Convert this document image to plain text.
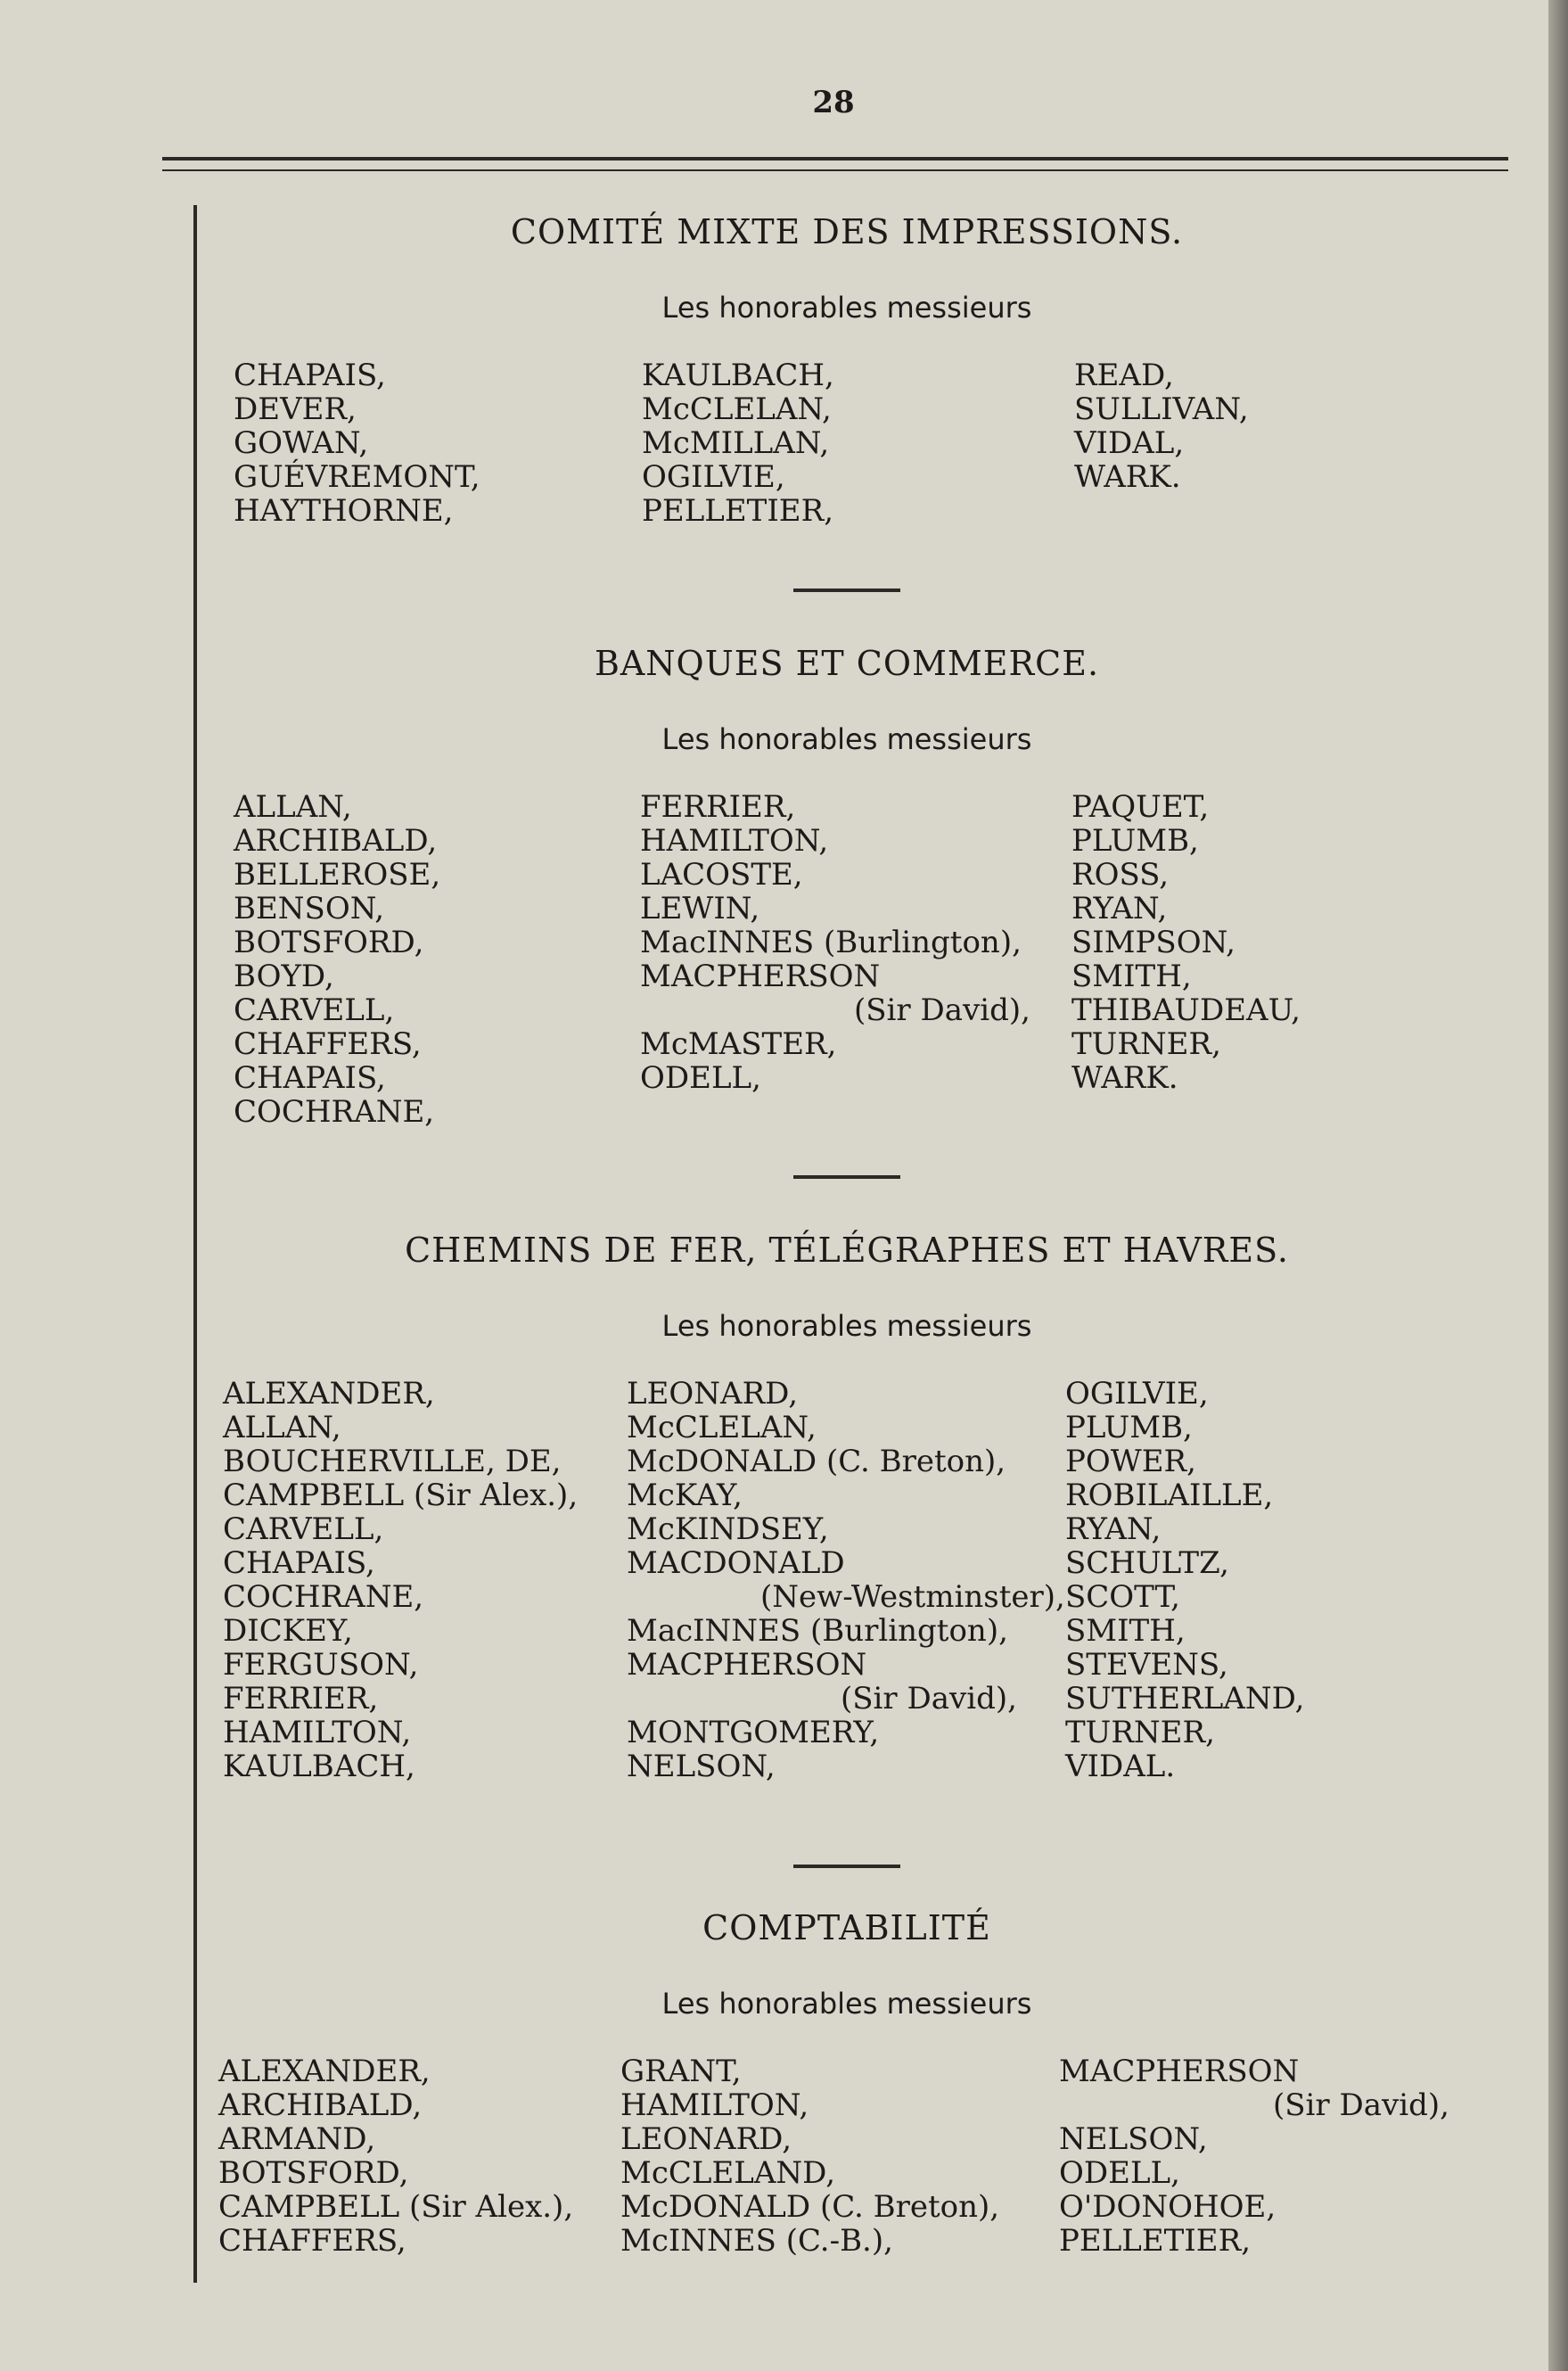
28
COMITÉ MIXTE DES IMPRESSIONS.
Les honorables messieurs
CHAPAIS,
DEVER,
GOWAN,
GUÉVREMONT,
HAYTHORNE,
KAULBACH,
McCLELAN,
McMILLAN,
OGILVIE,
PELLETIER,
READ,
SULLIVAN,
VIDAL,
WARK.
BANQUES ET COMMERCE.
Les honorables messieurs
ALLAN,
ARCHIBALD,
BELLEROSE,
BENSON,
BOTSFORD,
BOYD,
CARVELL,
CHAFFERS,
CHAPAIS,
COCHRANE,
FERRIER,
HAMILTON,
LACOSTE,
LEWIN,
MacINNES (Burlington),
MACPHERSON
(Sir David),
McMASTER,
ODELL,
PAQUET,
PLUMB,
ROSS,
RYAN,
SIMPSON,
SMITH,
THIBAUDEAU,
TURNER,
WARK.
CHEMINS DE FER, TÉLÉGRAPHES ET HAVRES.
Les honorables messieurs
ALEXANDER,
ALLAN,
BOUCHERVILLE, DE,
CAMPBELL (Sir Alex.),
CARVELL,
CHAPAIS,
COCHRANE,
DICKEY,
FERGUSON,
FERRIER,
HAMILTON,
KAULBACH,
LEONARD,
McCLELAN,
McDONALD (C. Breton),
McKAY,
McKINDSEY,
MACDONALD
(New-Westminster),
MacINNES (Burlington),
MACPHERSON
(Sir David),
MONTGOMERY,
NELSON,
OGILVIE,
PLUMB,
POWER,
ROBILAILLE,
RYAN,
SCHULTZ,
SCOTT,
SMITH,
STEVENS,
SUTHERLAND,
TURNER,
VIDAL.
COMPTABILITÉ
Les honorables messieurs
ALEXANDER,
ARCHIBALD,
ARMAND,
BOTSFORD,
CAMPBELL (Sir Alex.),
CHAFFERS,
GRANT,
HAMILTON,
LEONARD,
McCLELAND,
McDONALD (C. Breton),
McINNES (C.-B.),
MACPHERSON
(Sir David),
NELSON,
ODELL,
O'DONOHOE,
PELLETIER,
